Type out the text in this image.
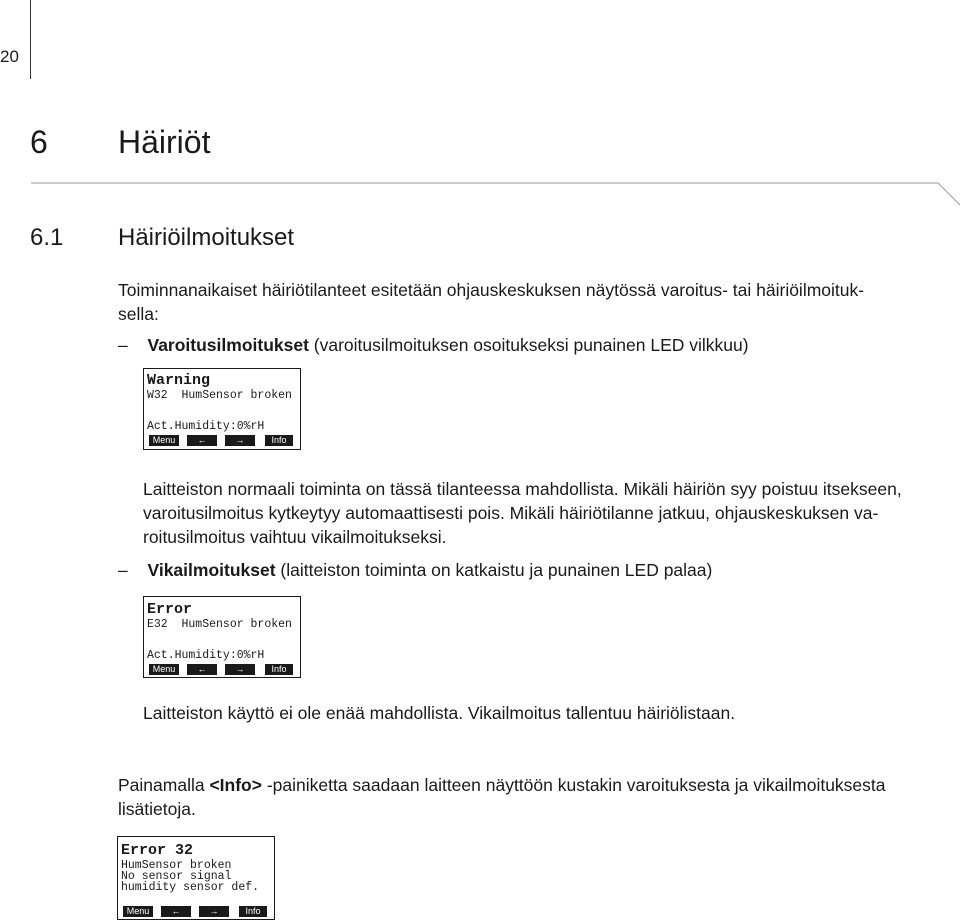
20
6 Häiriöt
6.1 Häiriöilmoitukset
Toiminnanaikaiset häiriötilanteet esitetään ohjauskeskuksen näytössä varoitus- tai häiriöilmoituk-
sella:
– Varoitusilmoitukset (varoitusilmoituksen osoitukseksi punainen LED vilkkuu)
Warning
W32  HumSensor broken
Act.Humidity:0%rH
Menu	←	→	Info
Laitteiston normaali toiminta on tässä tilanteessa mahdollista. Mikäli häiriön syy poistuu itsekseen,
varoitusilmoitus kytkeytyy automaattisesti pois. Mikäli häiriötilanne jatkuu, ohjauskeskuksen va-
roitusilmoitus vaihtuu vikailmoitukseksi.
– Vikailmoitukset (laitteiston toiminta on katkaistu ja punainen LED palaa)
Error
E32  HumSensor broken
Act.Humidity:0%rH
Menu	←	→	Info
Laitteiston käyttö ei ole enää mahdollista. Vikailmoitus tallentuu häiriölistaan.
Painamalla <Info> -painiketta saadaan laitteen näyttöön kustakin varoituksesta ja vikailmoituksesta
lisätietoja.
Error 32
HumSensor broken
No sensor signal
humidity sensor def.
Menu	←	→	Info
